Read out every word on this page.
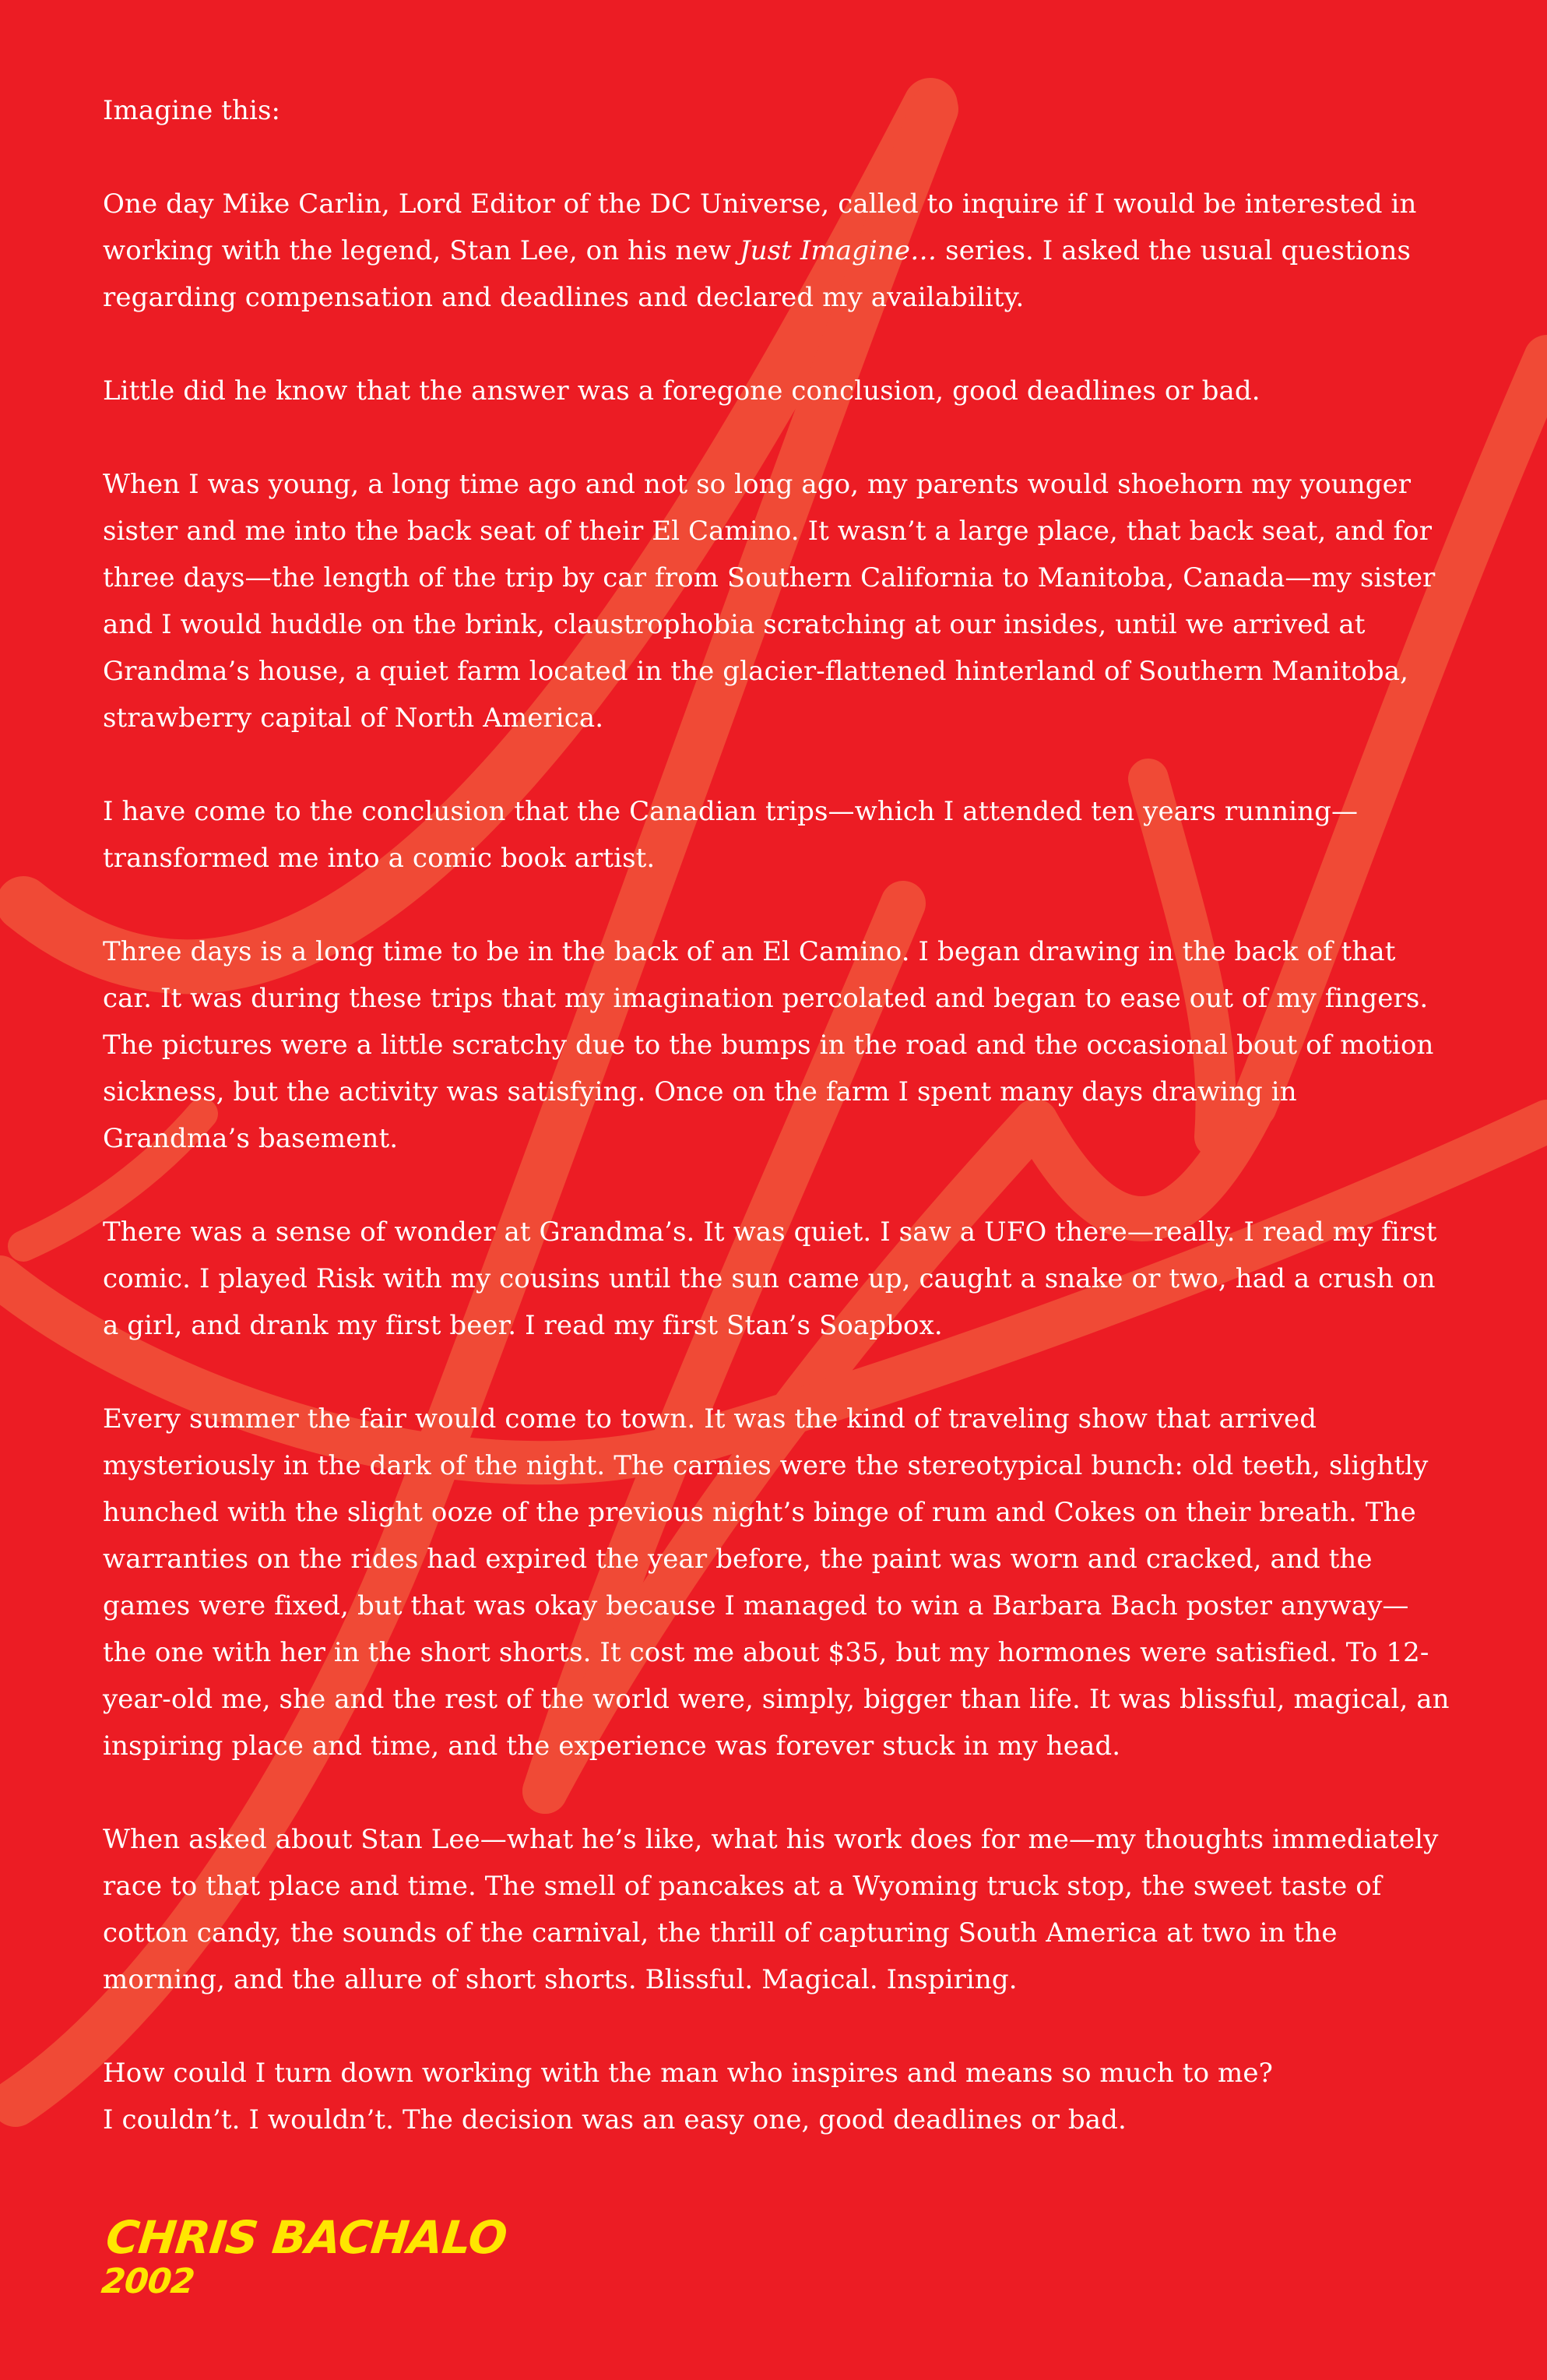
Imagine this:

One day Mike Carlin, Lord Editor of the DC Universe, called to inquire if I would be interested in working with the legend, Stan Lee, on his new Just Imagine… series. I asked the usual questions regarding compensation and deadlines and declared my availability.

Little did he know that the answer was a foregone conclusion, good deadlines or bad.

When I was young, a long time ago and not so long ago, my parents would shoehorn my younger sister and me into the back seat of their El Camino. It wasn’t a large place, that back seat, and for three days—the length of the trip by car from Southern California to Manitoba, Canada—my sister and I would huddle on the brink, claustrophobia scratching at our insides, until we arrived at Grandma’s house, a quiet farm located in the glacier-flattened hinterland of Southern Manitoba, strawberry capital of North America.

I have come to the conclusion that the Canadian trips—which I attended ten years running—transformed me into a comic book artist.

Three days is a long time to be in the back of an El Camino. I began drawing in the back of that car. It was during these trips that my imagination percolated and began to ease out of my fingers. The pictures were a little scratchy due to the bumps in the road and the occasional bout of motion sickness, but the activity was satisfying. Once on the farm I spent many days drawing in Grandma’s basement.

There was a sense of wonder at Grandma’s. It was quiet. I saw a UFO there—really. I read my first comic. I played Risk with my cousins until the sun came up, caught a snake or two, had a crush on a girl, and drank my first beer. I read my first Stan’s Soapbox.

Every summer the fair would come to town. It was the kind of traveling show that arrived mysteriously in the dark of the night. The carnies were the stereotypical bunch: old teeth, slightly hunched with the slight ooze of the previous night’s binge of rum and Cokes on their breath. The warranties on the rides had expired the year before, the paint was worn and cracked, and the games were fixed, but that was okay because I managed to win a Barbara Bach poster anyway—the one with her in the short shorts. It cost me about $35, but my hormones were satisfied. To 12-year-old me, she and the rest of the world were, simply, bigger than life. It was blissful, magical, an inspiring place and time, and the experience was forever stuck in my head.

When asked about Stan Lee—what he’s like, what his work does for me—my thoughts immediately race to that place and time. The smell of pancakes at a Wyoming truck stop, the sweet taste of cotton candy, the sounds of the carnival, the thrill of capturing South America at two in the morning, and the allure of short shorts. Blissful. Magical. Inspiring.

How could I turn down working with the man who inspires and means so much to me?
I couldn’t. I wouldn’t. The decision was an easy one, good deadlines or bad.

CHRIS BACHALO
2002
